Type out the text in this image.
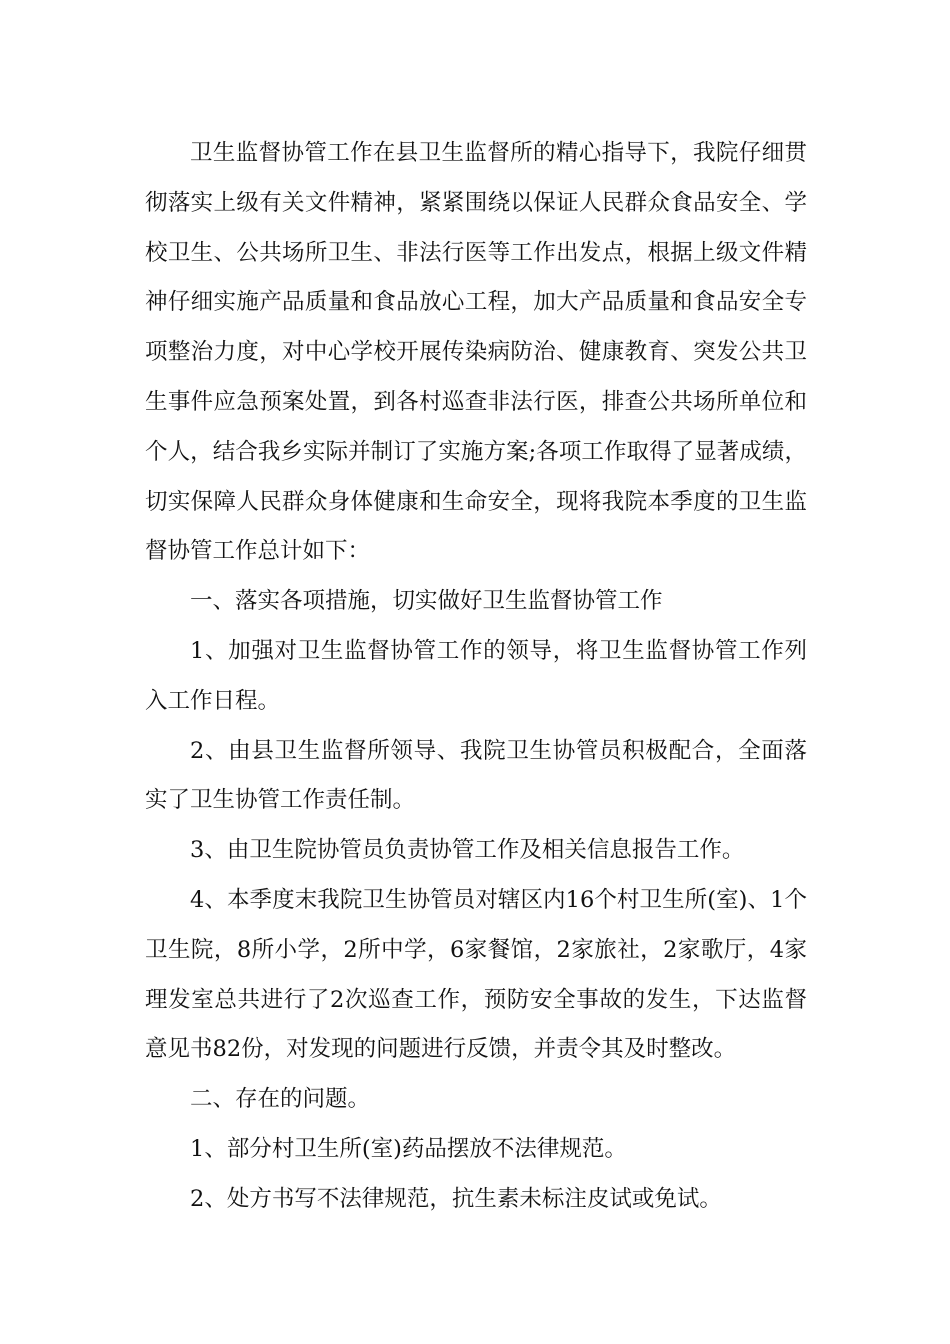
卫生监督协管工作在县卫生监督所的精心指导下，我院仔细贯彻落实上级有关文件精神，紧紧围绕以保证人民群众食品安全、学校卫生、公共场所卫生、非法行医等工作出发点，根据上级文件精神仔细实施产品质量和食品放心工程，加大产品质量和食品安全专项整治力度，对中心学校开展传染病防治、健康教育、突发公共卫生事件应急预案处置，到各村巡查非法行医，排查公共场所单位和个人，结合我乡实际并制订了实施方案;各项工作取得了显著成绩，切实保障人民群众身体健康和生命安全，现将我院本季度的卫生监督协管工作总计如下：

一、落实各项措施，切实做好卫生监督协管工作

1、加强对卫生监督协管工作的领导，将卫生监督协管工作列入工作日程。

2、由县卫生监督所领导、我院卫生协管员积极配合，全面落实了卫生协管工作责任制。

3、由卫生院协管员负责协管工作及相关信息报告工作。

4、本季度末我院卫生协管员对辖区内16个村卫生所(室)、1个卫生院，8所小学，2所中学，6家餐馆，2家旅社，2家歌厅，4家理发室总共进行了2次巡查工作，预防安全事故的发生，下达监督意见书82份，对发现的问题进行反馈，并责令其及时整改。

二、存在的问题。

1、部分村卫生所(室)药品摆放不法律规范。

2、处方书写不法律规范，抗生素未标注皮试或免试。
